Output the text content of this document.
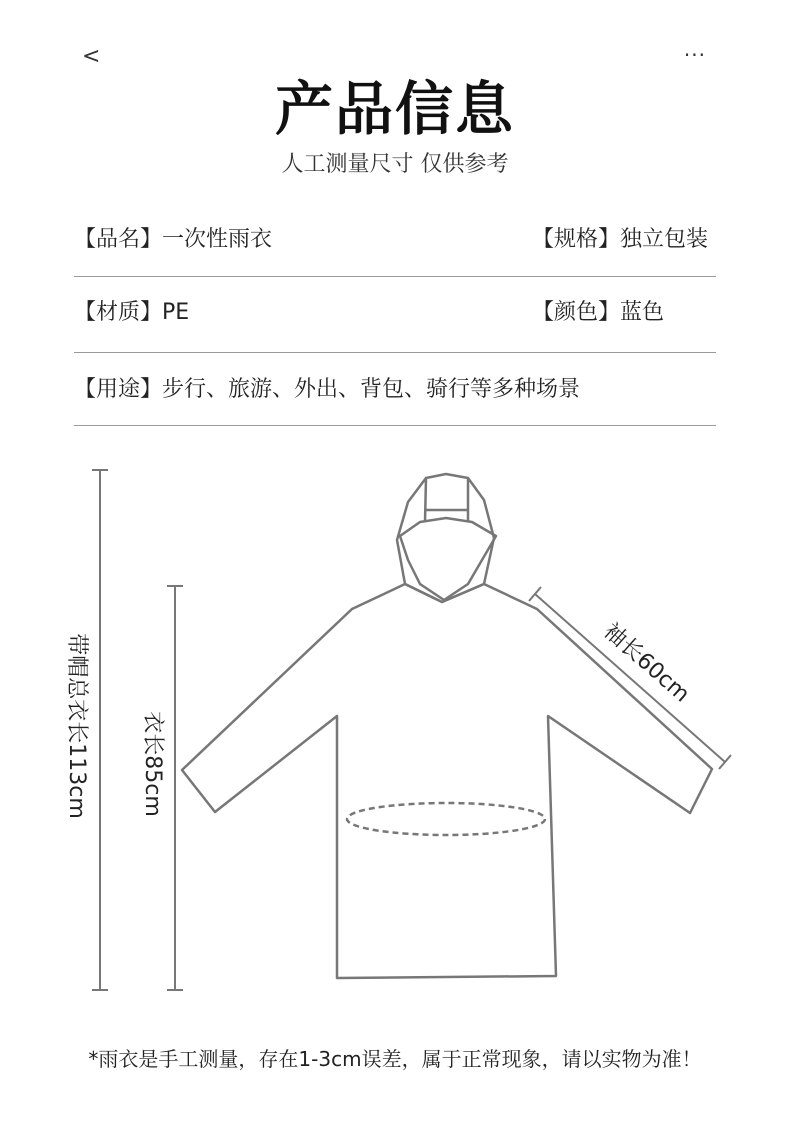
<	···
产品信息
人工测量尺寸 仅供参考
【品名】一次性雨衣	【规格】独立包装
【材质】PE	【颜色】蓝色
【用途】步行、旅游、外出、背包、骑行等多种场景
带帽总衣长113cm 衣长85cm
袖长60cm
*雨衣是手工测量，存在1-3cm误差，属于正常现象，请以实物为准！
